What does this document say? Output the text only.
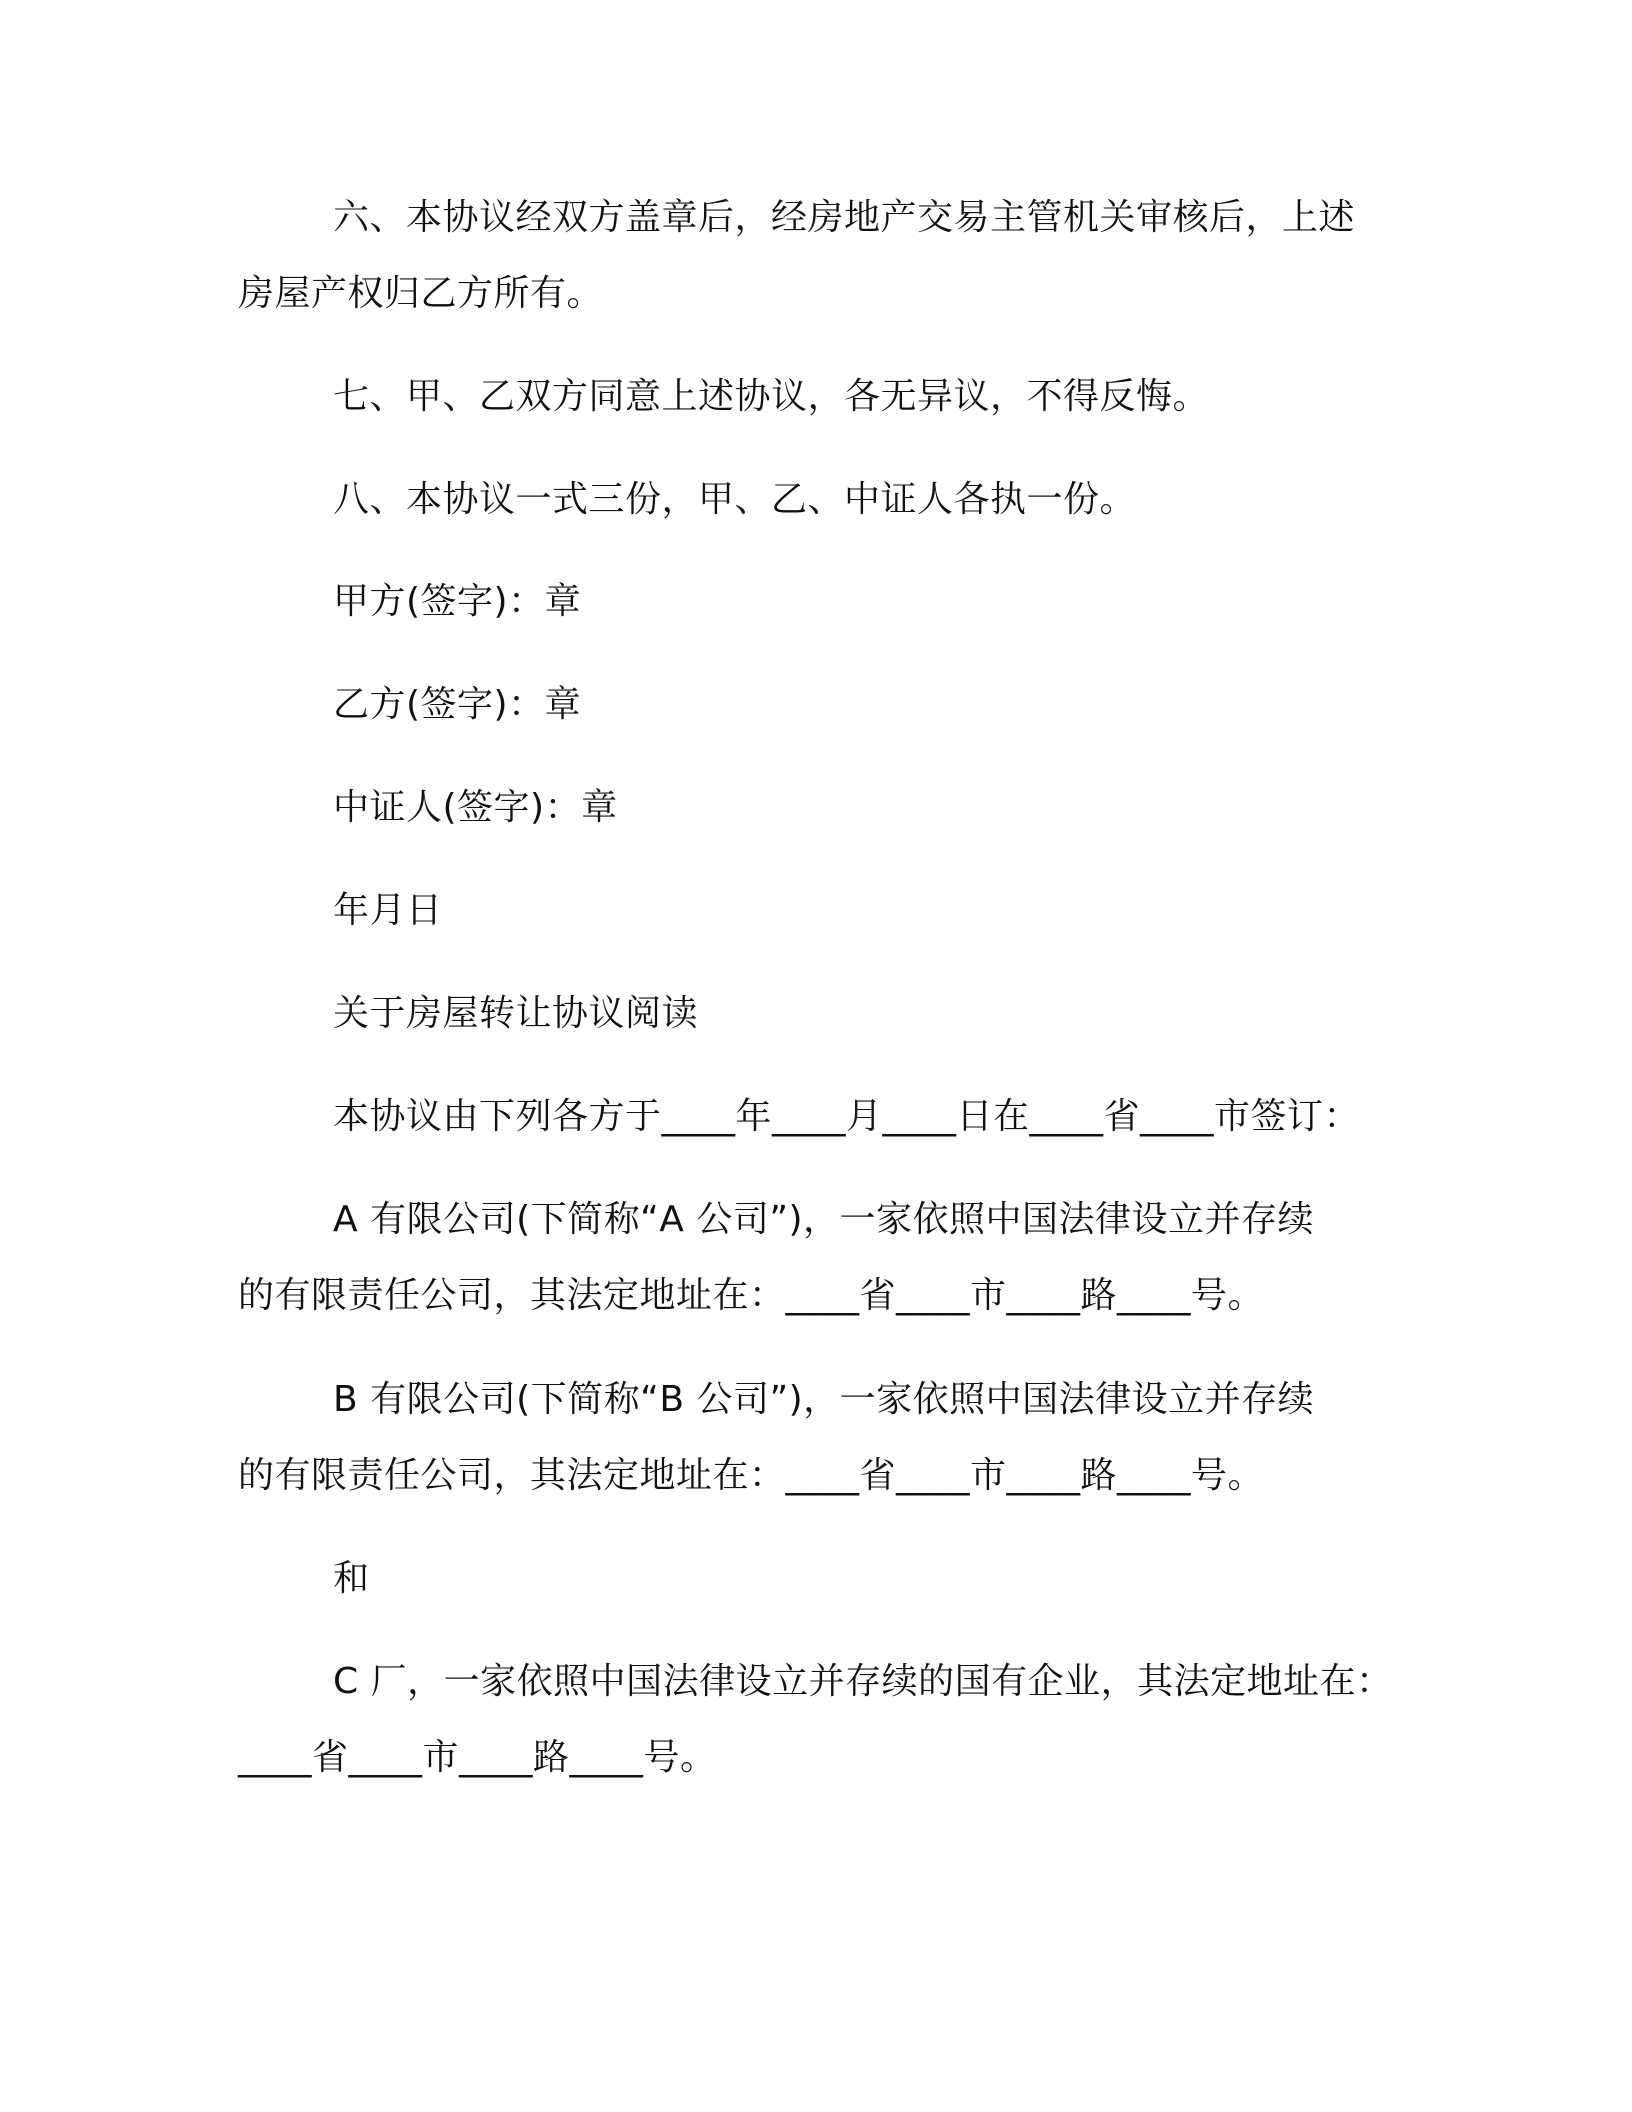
六、本协议经双方盖章后，经房地产交易主管机关审核后，上述
房屋产权归乙方所有。
七、甲、乙双方同意上述协议，各无异议，不得反悔。
八、本协议一式三份，甲、乙、中证人各执一份。
甲方(签字)：章
乙方(签字)：章
中证人(签字)：章
年月日
关于房屋转让协议阅读
本协议由下列各方于____年____月____日在____省____市签订：
A 有限公司(下简称“A 公司”)，一家依照中国法律设立并存续
的有限责任公司，其法定地址在：____省____市____路____号。
B 有限公司(下简称“B 公司”)，一家依照中国法律设立并存续
的有限责任公司，其法定地址在：____省____市____路____号。
和
C 厂，一家依照中国法律设立并存续的国有企业，其法定地址在：
____省____市____路____号。
